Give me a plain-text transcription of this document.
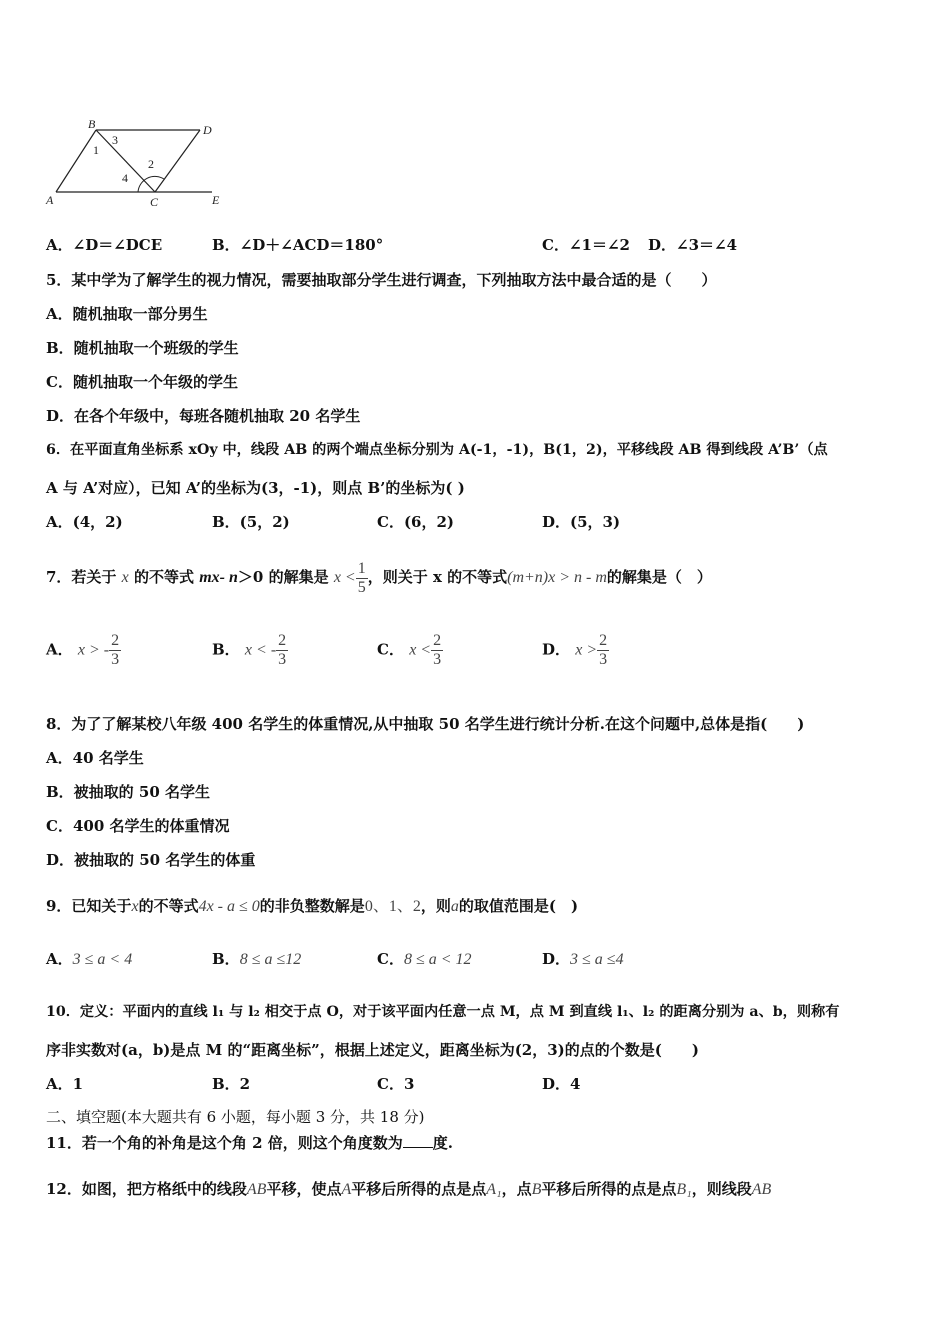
A
B
C
D
E
1
2
3
4
A．∠D＝∠DCE	B．∠D＋∠ACD＝180°	C．∠1＝∠2 D．∠3＝∠4
5．某中学为了解学生的视力情况，需要抽取部分学生进行调查，下列抽取方法中最合适的是（　　）
A．随机抽取一部分男生
B．随机抽取一个班级的学生
C．随机抽取一个年级的学生
D．在各个年级中，每班各随机抽取 20 名学生
6．在平面直角坐标系 xOy 中，线段 AB 的两个端点坐标分别为 A(-1，-1)，B(1，2)，平移线段 AB 得到线段 A’B’（点
A 与 A’对应），已知 A’的坐标为(3，-1)，则点 B’的坐标为( )
A．(4，2)	B．(5，2)	C．(6，2)	D．(5，3)
7．若关于 x 的不等式 mx- n＞0 的解集是 $x < \frac{1}{5}$ ，则关于 x 的不等式(m+n)x > n - m的解集是（　）
A． x > - $\frac{2}{3}$	B． x < - $\frac{2}{3}$	C． $x < \frac{2}{3}$	D． $x > \frac{2}{3}$
8．为了了解某校八年级 400 名学生的体重情况,从中抽取 50 名学生进行统计分析.在这个问题中,总体是指(　　)
A．40 名学生
B．被抽取的 50 名学生
C．400 名学生的体重情况
D．被抽取的 50 名学生的体重
9．已知关于x的不等式4x - a ≤ 0的非负整数解是0、1、2，则a的取值范围是(　)
A．3 ≤ a < 4	B．8 ≤ a ≤12	C．8 ≤ a < 12	D．3 ≤ a ≤4
10．定义：平面内的直线 l₁ 与 l₂ 相交于点 O，对于该平面内任意一点 M，点 M 到直线 l₁、l₂ 的距离分别为 a、b，则称有
序非实数对(a，b)是点 M 的“距离坐标”，根据上述定义，距离坐标为(2，3)的点的个数是(　　)
A．1	B．2	C．3	D．4
二、填空题(本大题共有 6 小题，每小题 3 分，共 18 分)
11．若一个角的补角是这个角 2 倍，则这个角度数为 度.
12．如图，把方格纸中的线段AB平移，使点A平移后所得的点是点A₁，点B平移后所得的点是点B₁，则线段AB
